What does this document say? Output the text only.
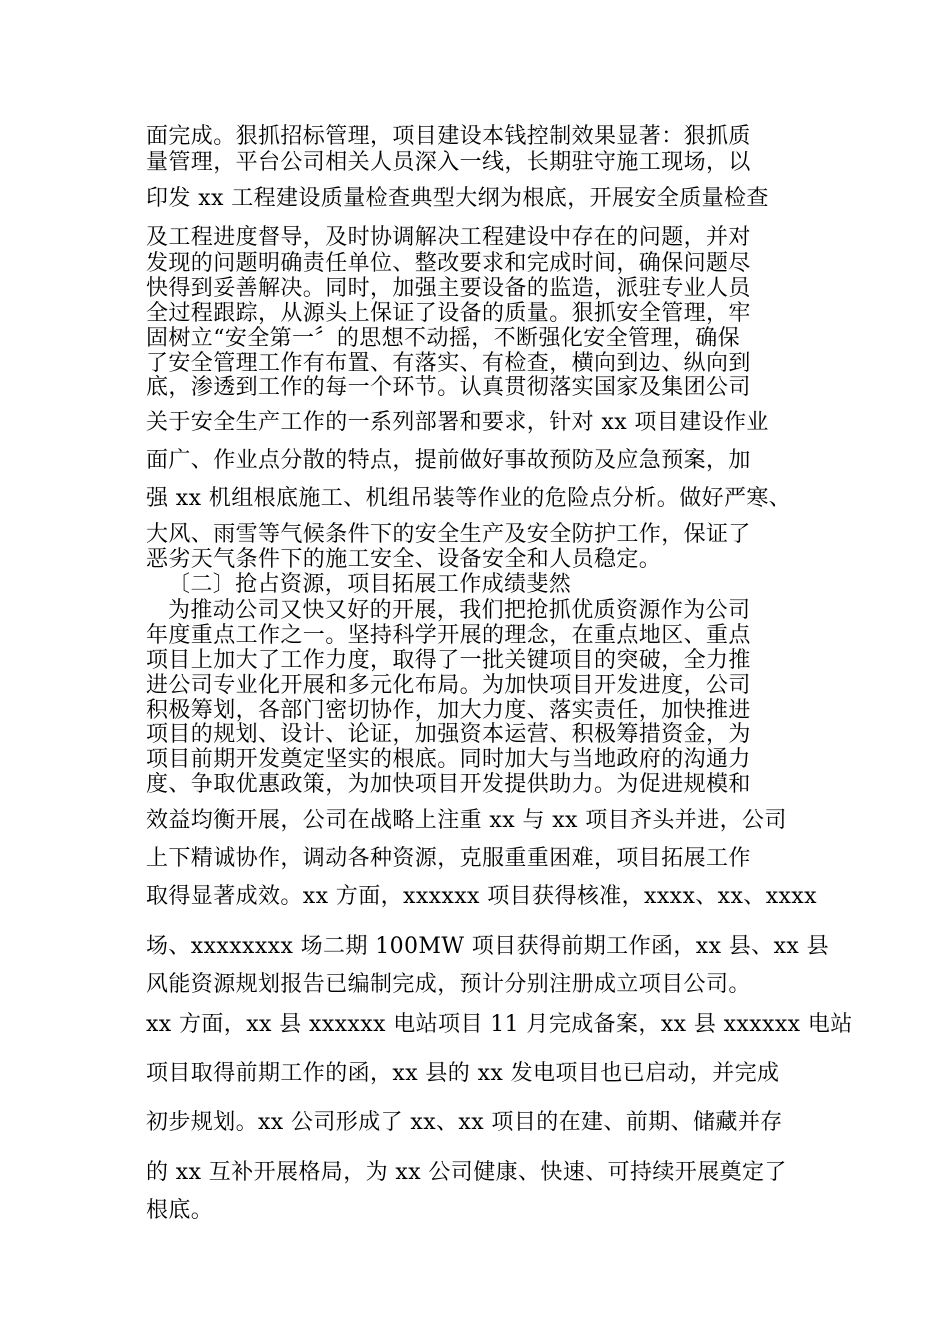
面完成。狠抓招标管理，项目建设本钱控制效果显著：狠抓质
量管理，平台公司相关人员深入一线，长期驻守施工现场，以
印发 xx 工程建设质量检查典型大纲为根底，开展安全质量检查
及工程进度督导，及时协调解决工程建设中存在的问题，并对
发现的问题明确责任单位、整改要求和完成时间，确保问题尽
快得到妥善解决。同时，加强主要设备的监造，派驻专业人员
全过程跟踪，从源头上保证了设备的质量。狠抓安全管理，牢
固树立“安全第一〞的思想不动摇，不断强化安全管理，确保
了安全管理工作有布置、有落实、有检查，横向到边、纵向到
底，渗透到工作的每一个环节。认真贯彻落实国家及集团公司
关于安全生产工作的一系列部署和要求，针对 xx 项目建设作业
面广、作业点分散的特点，提前做好事故预防及应急预案，加
强 xx 机组根底施工、机组吊装等作业的危险点分析。做好严寒、
大风、雨雪等气候条件下的安全生产及安全防护工作，保证了
恶劣天气条件下的施工安全、设备安全和人员稳定。
〔二〕抢占资源，项目拓展工作成绩斐然
为推动公司又快又好的开展，我们把抢抓优质资源作为公司
年度重点工作之一。坚持科学开展的理念，在重点地区、重点
项目上加大了工作力度，取得了一批关键项目的突破，全力推
进公司专业化开展和多元化布局。为加快项目开发进度，公司
积极筹划，各部门密切协作，加大力度、落实责任，加快推进
项目的规划、设计、论证，加强资本运营、积极筹措资金，为
项目前期开发奠定坚实的根底。同时加大与当地政府的沟通力
度、争取优惠政策，为加快项目开发提供助力。为促进规模和
效益均衡开展，公司在战略上注重 xx 与 xx 项目齐头并进，公司
上下精诚协作，调动各种资源，克服重重困难，项目拓展工作
取得显著成效。xx 方面，xxxxxx 项目获得核准，xxxx、xx、xxxx
场、xxxxxxxx 场二期 100MW 项目获得前期工作函，xx 县、xx 县
风能资源规划报告已编制完成，预计分别注册成立项目公司。
xx 方面，xx 县 xxxxxx 电站项目 11 月完成备案，xx 县 xxxxxx 电站
项目取得前期工作的函，xx 县的 xx 发电项目也已启动，并完成
初步规划。xx 公司形成了 xx、xx 项目的在建、前期、储藏并存
的 xx 互补开展格局，为 xx 公司健康、快速、可持续开展奠定了
根底。
